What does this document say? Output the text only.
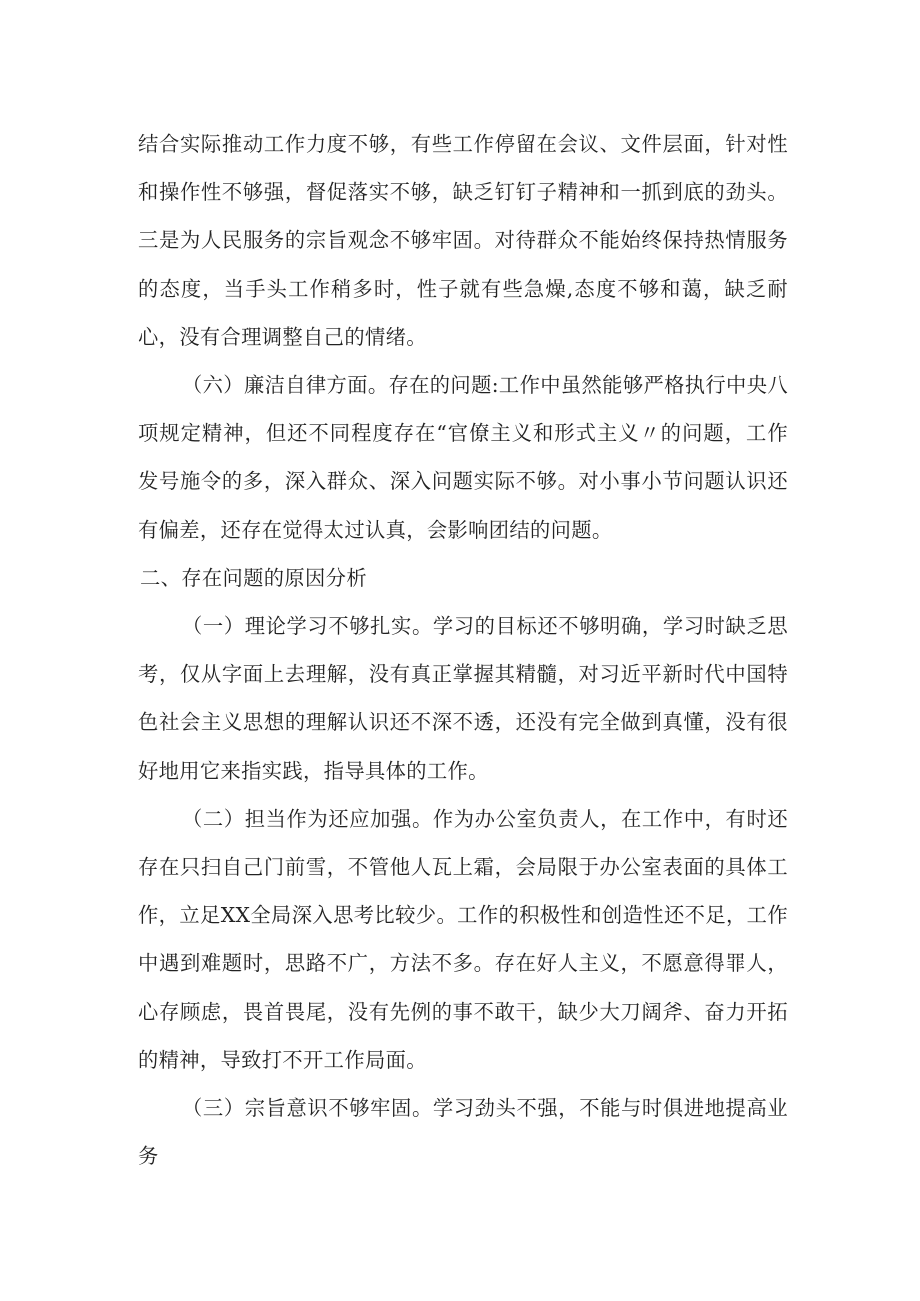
结合实际推动工作力度不够，有些工作停留在会议、文件层面，针对性和操作性不够强，督促落实不够，缺乏钉钉子精神和一抓到底的劲头。三是为人民服务的宗旨观念不够牢固。对待群众不能始终保持热情服务的态度，当手头工作稍多时，性子就有些急燥,态度不够和蔼，缺乏耐心，没有合理调整自己的情绪。

（六）廉洁自律方面。存在的问题:工作中虽然能够严格执行中央八项规定精神，但还不同程度存在“官僚主义和形式主义〃的问题，工作发号施令的多，深入群众、深入问题实际不够。对小事小节问题认识还有偏差，还存在觉得太过认真，会影响团结的问题。

二、存在问题的原因分析

（一）理论学习不够扎实。学习的目标还不够明确，学习时缺乏思考，仅从字面上去理解，没有真正掌握其精髓，对习近平新时代中国特色社会主义思想的理解认识还不深不透，还没有完全做到真懂，没有很好地用它来指实践，指导具体的工作。

（二）担当作为还应加强。作为办公室负责人，在工作中，有时还存在只扫自己门前雪，不管他人瓦上霜，会局限于办公室表面的具体工作，立足XX全局深入思考比较少。工作的积极性和创造性还不足，工作中遇到难题时，思路不广，方法不多。存在好人主义，不愿意得罪人，心存顾虑，畏首畏尾，没有先例的事不敢干，缺少大刀阔斧、奋力开拓的精神，导致打不开工作局面。

（三）宗旨意识不够牢固。学习劲头不强，不能与时俱进地提高业务
